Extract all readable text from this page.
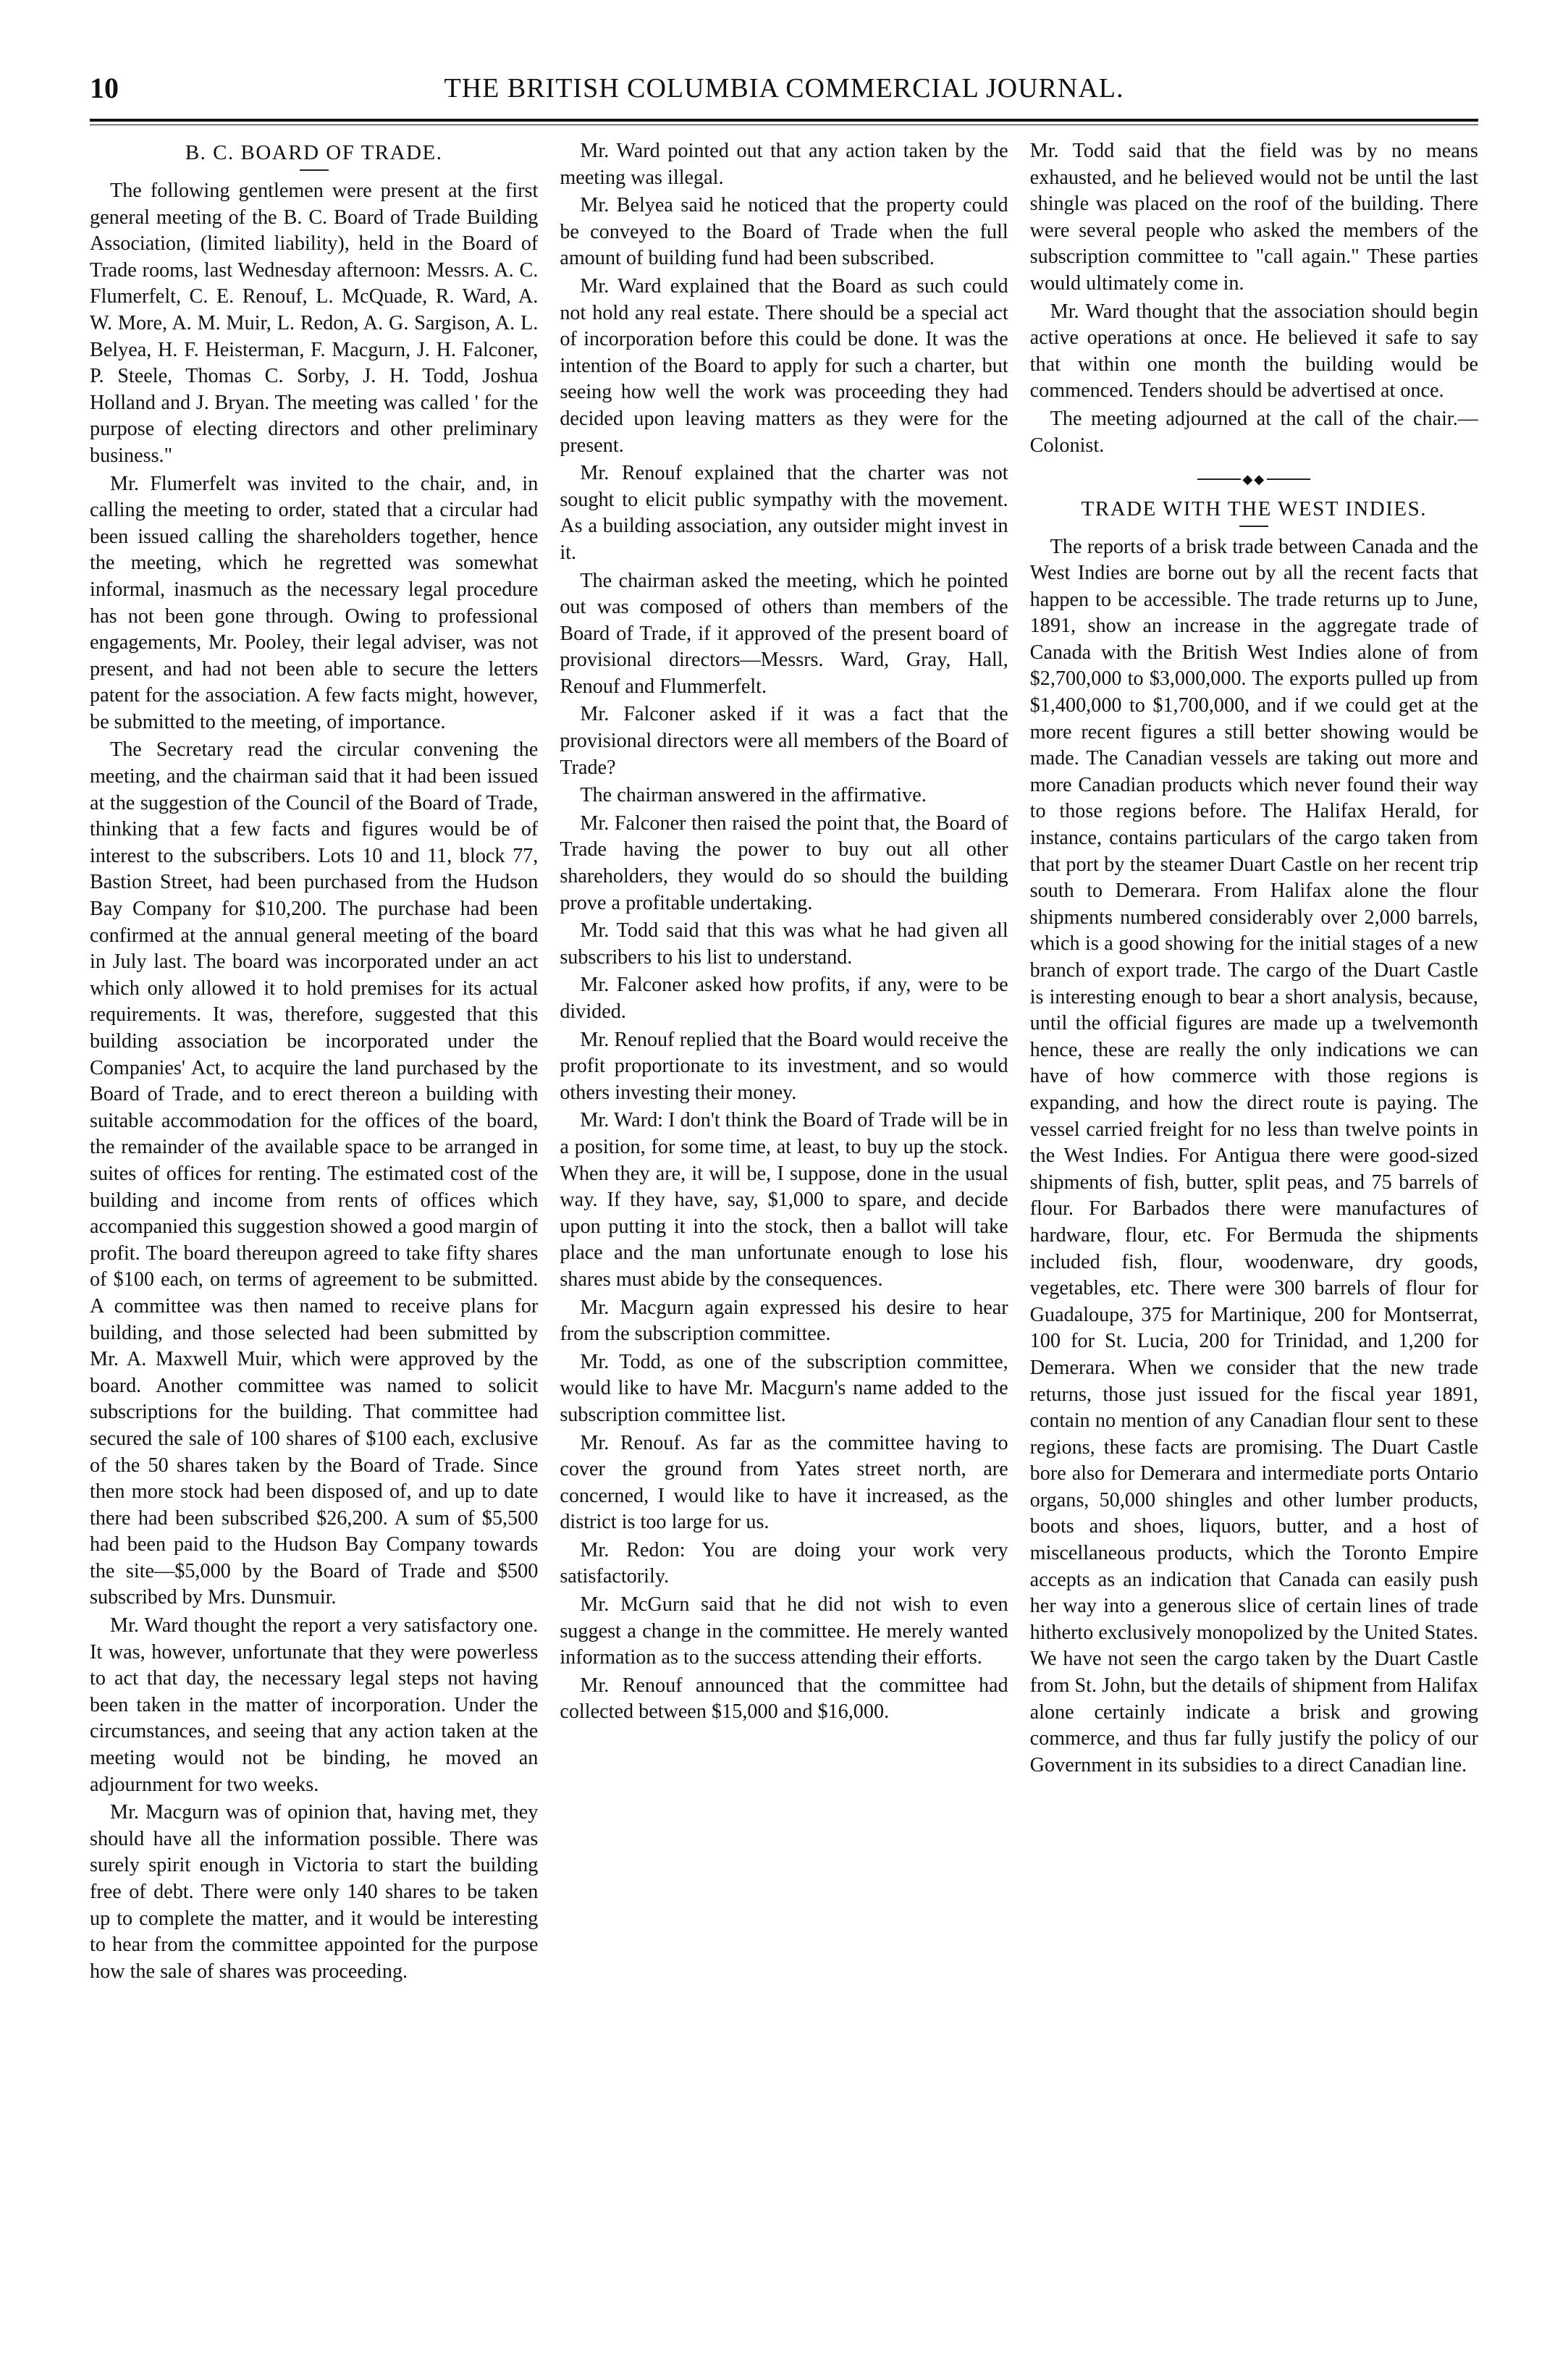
10	THE BRITISH COLUMBIA COMMERCIAL JOURNAL.
B. C. BOARD OF TRADE.

The following gentlemen were present at the first general meeting of the B. C. Board of Trade Building Association, (limited liability), held in the Board of Trade rooms, last Wednesday afternoon: Messrs. A. C. Flumerfelt, C. E. Renouf, L. McQuade, R. Ward, A. W. More, A. M. Muir, L. Redon, A. G. Sargison, A. L. Belyea, H. F. Heisterman, F. Macgurn, J. H. Falconer, P. Steele, Thomas C. Sorby, J. H. Todd, Joshua Holland and J. Bryan. The meeting was called ' for the purpose of electing directors and other preliminary business."

Mr. Flumerfelt was invited to the chair, and, in calling the meeting to order, stated that a circular had been issued calling the shareholders together, hence the meeting, which he regretted was somewhat informal, inasmuch as the necessary legal procedure has not been gone through. Owing to professional engagements, Mr. Pooley, their legal adviser, was not present, and had not been able to secure the letters patent for the association. A few facts might, however, be submitted to the meeting, of importance.

The Secretary read the circular convening the meeting, and the chairman said that it had been issued at the suggestion of the Council of the Board of Trade, thinking that a few facts and figures would be of interest to the subscribers. Lots 10 and 11, block 77, Bastion Street, had been purchased from the Hudson Bay Company for $10,200. The purchase had been confirmed at the annual general meeting of the board in July last. The board was incorporated under an act which only allowed it to hold premises for its actual requirements. It was, therefore, suggested that this building association be incorporated under the Companies' Act, to acquire the land purchased by the Board of Trade, and to erect thereon a building with suitable accommodation for the offices of the board, the remainder of the available space to be arranged in suites of offices for renting. The estimated cost of the building and income from rents of offices which accompanied this suggestion showed a good margin of profit. The board thereupon agreed to take fifty shares of $100 each, on terms of agreement to be submitted. A committee was then named to receive plans for building, and those selected had been submitted by Mr. A. Maxwell Muir, which were approved by the board. Another committee was named to solicit subscriptions for the building. That committee had secured the sale of 100 shares of $100 each, exclusive of the 50 shares taken by the Board of Trade. Since then more stock had been disposed of, and up to date there had been subscribed $26,200. A sum of $5,500 had been paid to the Hudson Bay Company towards the site—$5,000 by the Board of Trade and $500 subscribed by Mrs. Dunsmuir.

Mr. Ward thought the report a very satisfactory one. It was, however, unfortunate that they were powerless to act that day, the necessary legal steps not having been taken in the matter of incorporation. Under the circumstances, and seeing that any action taken at the meeting would not be binding, he moved an adjournment for two weeks.

Mr. Macgurn was of opinion that, having met, they should have all the information possible. There was surely spirit enough in Victoria to start the building free of debt. There were only 140 shares to be taken up to complete the matter, and it would be interesting to hear from the committee appointed for the purpose how the sale of shares was proceeding.

Mr. Ward pointed out that any action taken by the meeting was illegal.

Mr. Belyea said he noticed that the property could be conveyed to the Board of Trade when the full amount of building fund had been subscribed.

Mr. Ward explained that the Board as such could not hold any real estate. There should be a special act of incorporation before this could be done. It was the intention of the Board to apply for such a charter, but seeing how well the work was proceeding they had decided upon leaving matters as they were for the present.

Mr. Renouf explained that the charter was not sought to elicit public sympathy with the movement. As a building association, any outsider might invest in it.

The chairman asked the meeting, which he pointed out was composed of others than members of the Board of Trade, if it approved of the present board of provisional directors—Messrs. Ward, Gray, Hall, Renouf and Flummerfelt.

Mr. Falconer asked if it was a fact that the provisional directors were all members of the Board of Trade?

The chairman answered in the affirmative.

Mr. Falconer then raised the point that, the Board of Trade having the power to buy out all other shareholders, they would do so should the building prove a profitable undertaking.

Mr. Todd said that this was what he had given all subscribers to his list to understand.

Mr. Falconer asked how profits, if any, were to be divided.

Mr. Renouf replied that the Board would receive the profit proportionate to its investment, and so would others investing their money.

Mr. Ward: I don't think the Board of Trade will be in a position, for some time, at least, to buy up the stock. When they are, it will be, I suppose, done in the usual way. If they have, say, $1,000 to spare, and decide upon putting it into the stock, then a ballot will take place and the man unfortunate enough to lose his shares must abide by the consequences.

Mr. Macgurn again expressed his desire to hear from the subscription committee.

Mr. Todd, as one of the subscription committee, would like to have Mr. Macgurn's name added to the subscription committee list.

Mr. Renouf. As far as the committee having to cover the ground from Yates street north, are concerned, I would like to have it increased, as the district is too large for us.

Mr. Redon: You are doing your work very satisfactorily.

Mr. McGurn said that he did not wish to even suggest a change in the committee. He merely wanted information as to the success attending their efforts.

Mr. Renouf announced that the committee had collected between $15,000 and $16,000.

Mr. Todd said that the field was by no means exhausted, and he believed would not be until the last shingle was placed on the roof of the building. There were several people who asked the members of the subscription committee to "call again." These parties would ultimately come in.

Mr. Ward thought that the association should begin active operations at once. He believed it safe to say that within one month the building would be commenced. Tenders should be advertised at once.

The meeting adjourned at the call of the chair.—Colonist.

◆◆
TRADE WITH THE WEST INDIES.

The reports of a brisk trade between Canada and the West Indies are borne out by all the recent facts that happen to be accessible. The trade returns up to June, 1891, show an increase in the aggregate trade of Canada with the British West Indies alone of from $2,700,000 to $3,000,000. The exports pulled up from $1,400,000 to $1,700,000, and if we could get at the more recent figures a still better showing would be made. The Canadian vessels are taking out more and more Canadian products which never found their way to those regions before. The Halifax Herald, for instance, contains particulars of the cargo taken from that port by the steamer Duart Castle on her recent trip south to Demerara. From Halifax alone the flour shipments numbered considerably over 2,000 barrels, which is a good showing for the initial stages of a new branch of export trade. The cargo of the Duart Castle is interesting enough to bear a short analysis, because, until the official figures are made up a twelvemonth hence, these are really the only indications we can have of how commerce with those regions is expanding, and how the direct route is paying. The vessel carried freight for no less than twelve points in the West Indies. For Antigua there were good-sized shipments of fish, butter, split peas, and 75 barrels of flour. For Barbados there were manufactures of hardware, flour, etc. For Bermuda the shipments included fish, flour, woodenware, dry goods, vegetables, etc. There were 300 barrels of flour for Guadaloupe, 375 for Martinique, 200 for Montserrat, 100 for St. Lucia, 200 for Trinidad, and 1,200 for Demerara. When we consider that the new trade returns, those just issued for the fiscal year 1891, contain no mention of any Canadian flour sent to these regions, these facts are promising. The Duart Castle bore also for Demerara and intermediate ports Ontario organs, 50,000 shingles and other lumber products, boots and shoes, liquors, butter, and a host of miscellaneous products, which the Toronto Empire accepts as an indication that Canada can easily push her way into a generous slice of certain lines of trade hitherto exclusively monopolized by the United States. We have not seen the cargo taken by the Duart Castle from St. John, but the details of shipment from Halifax alone certainly indicate a brisk and growing commerce, and thus far fully justify the policy of our Government in its subsidies to a direct Canadian line.
